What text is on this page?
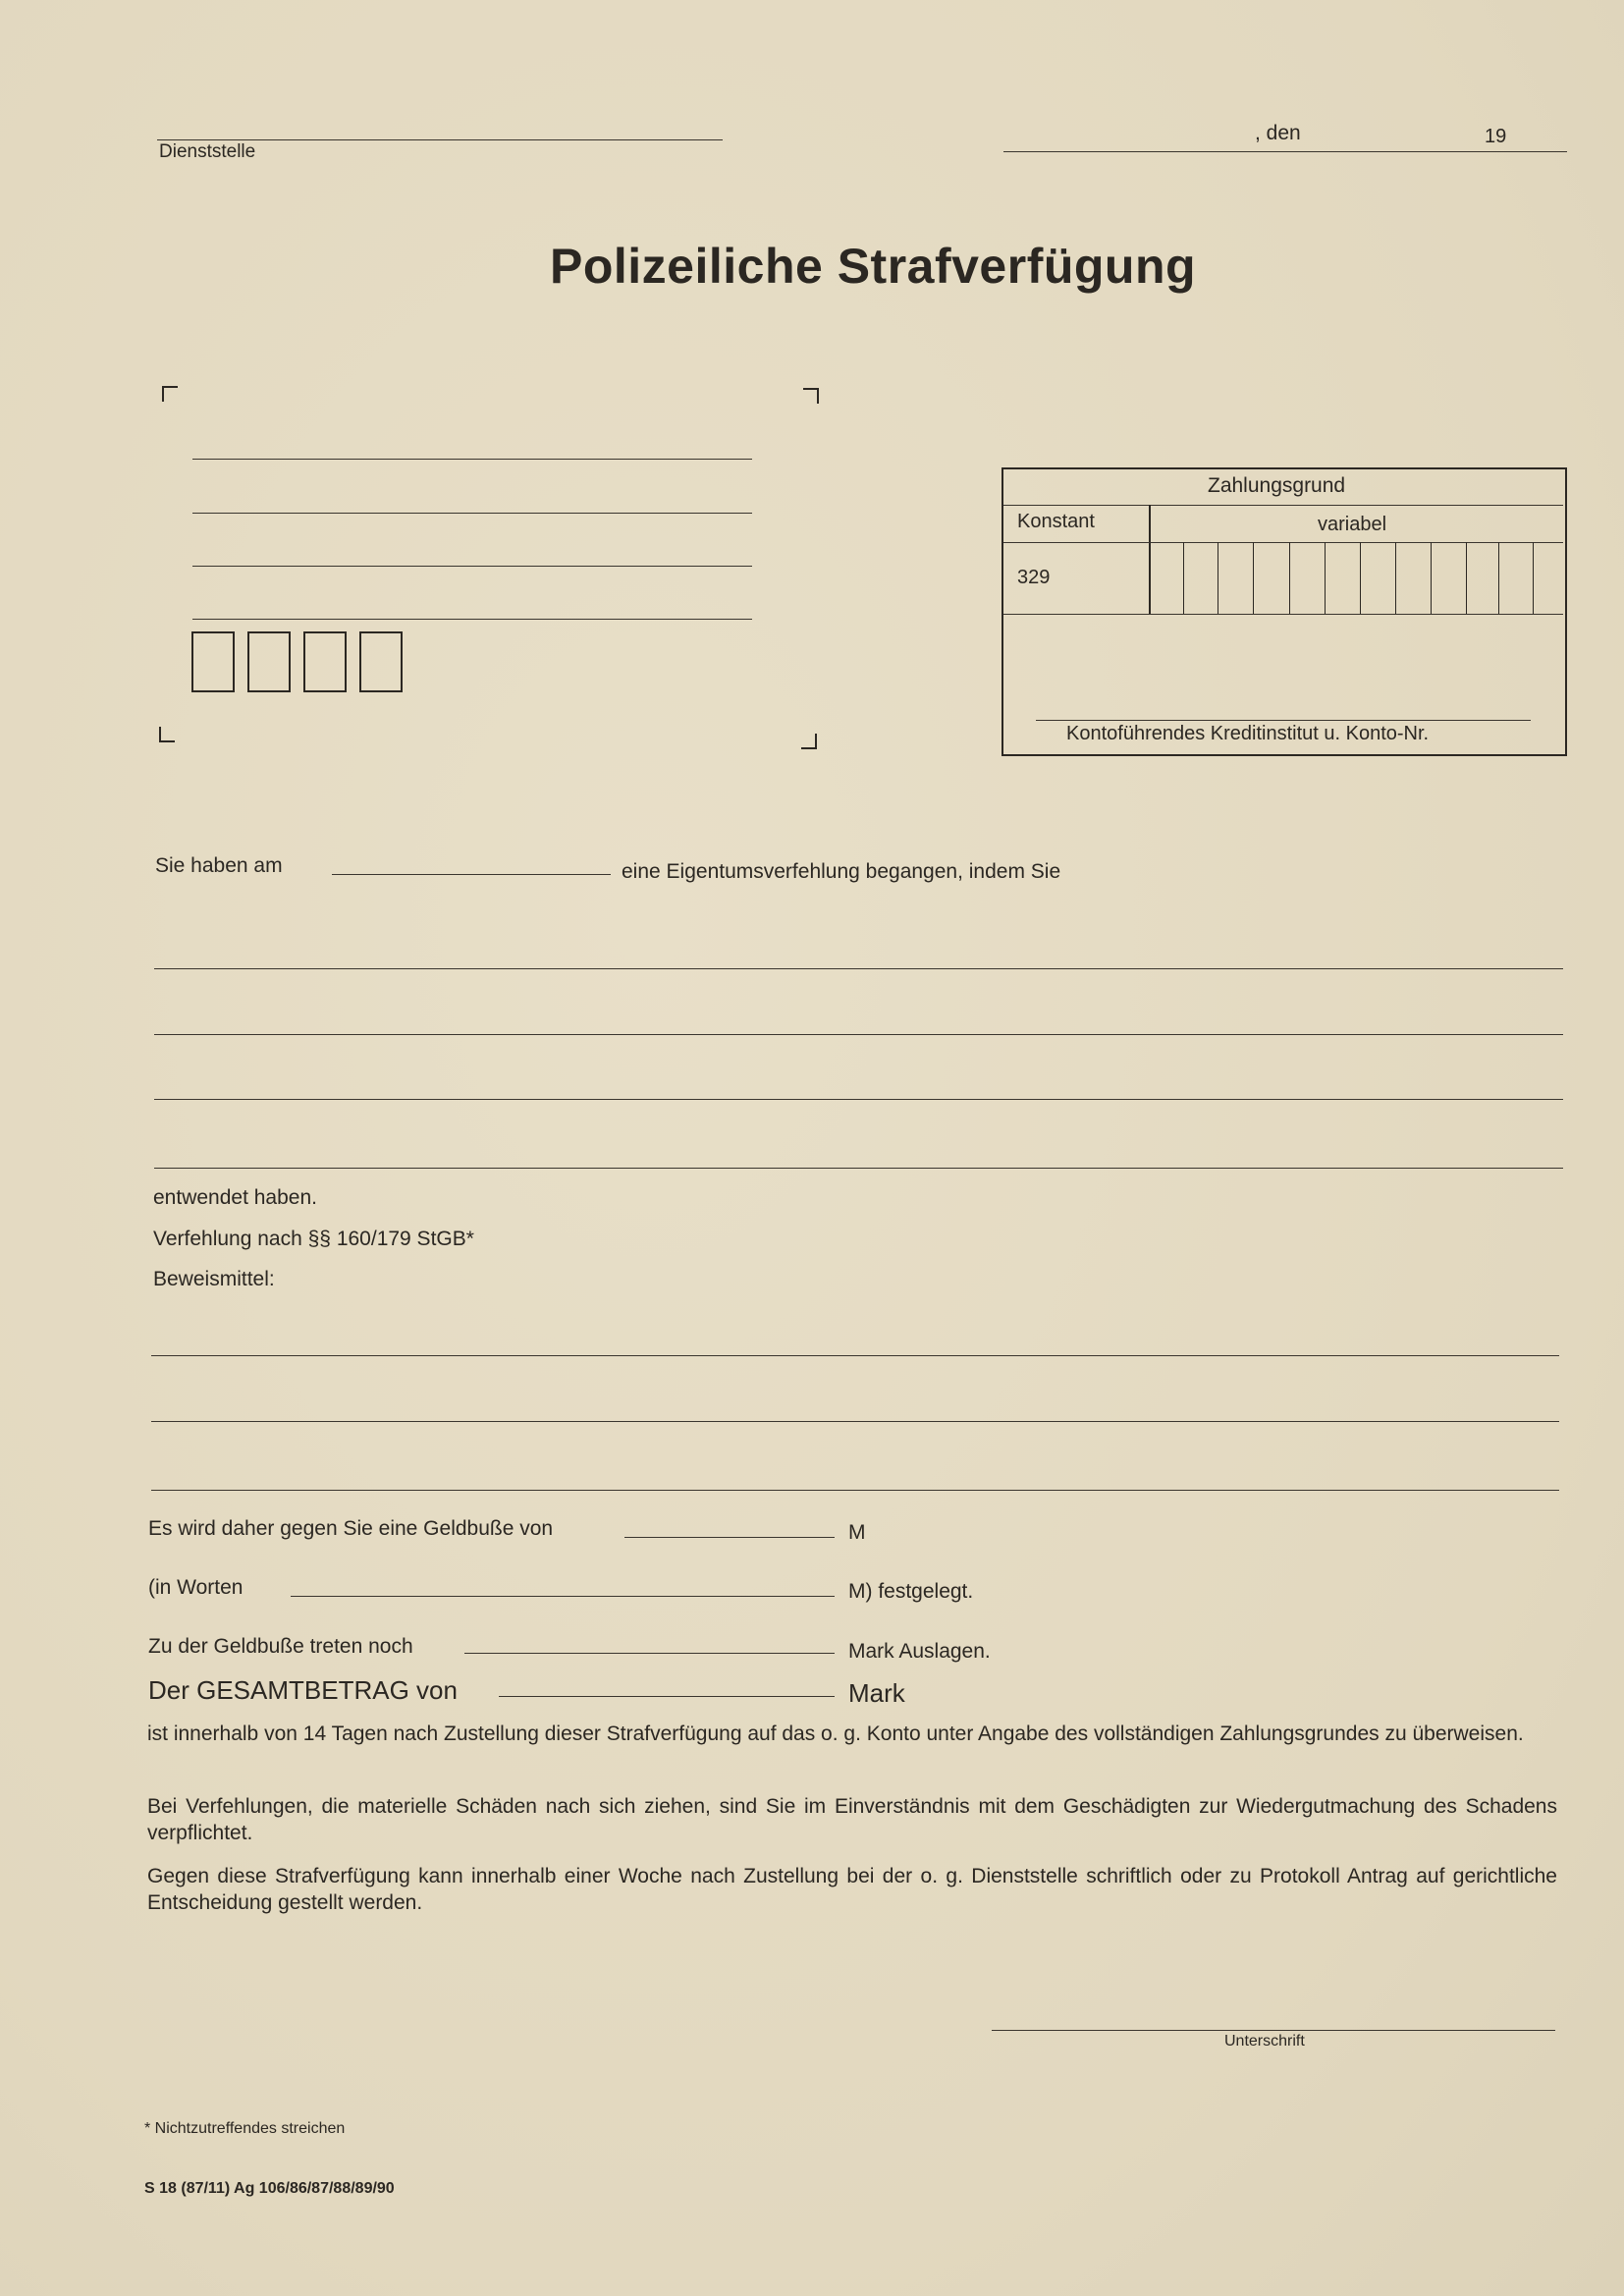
Dienststelle
, den	19
Polizeiliche Strafverfügung
Zahlungsgrund
Konstant	variabel
329
Kontoführendes Kreditinstitut u. Konto-Nr.
Sie haben am	eine Eigentumsverfehlung begangen, indem Sie
entwendet haben.
Verfehlung nach §§ 160/179 StGB*
Beweismittel:
Es wird daher gegen Sie eine Geldbuße von	M
(in Worten	M) festgelegt.
Zu der Geldbuße treten noch	Mark Auslagen.
Der GESAMTBETRAG von	Mark
ist innerhalb von 14 Tagen nach Zustellung dieser Strafverfügung auf das o. g. Konto unter Angabe des vollständigen Zahlungsgrundes zu überweisen.
Bei Verfehlungen, die materielle Schäden nach sich ziehen, sind Sie im Einverständnis mit dem Geschädigten zur Wiedergutmachung des Schadens verpflichtet.
Gegen diese Strafverfügung kann innerhalb einer Woche nach Zustellung bei der o. g. Dienststelle schriftlich oder zu Protokoll Antrag auf gerichtliche Entscheidung gestellt werden.
Unterschrift
* Nichtzutreffendes streichen
S 18 (87/11) Ag 106/86/87/88/89/90
